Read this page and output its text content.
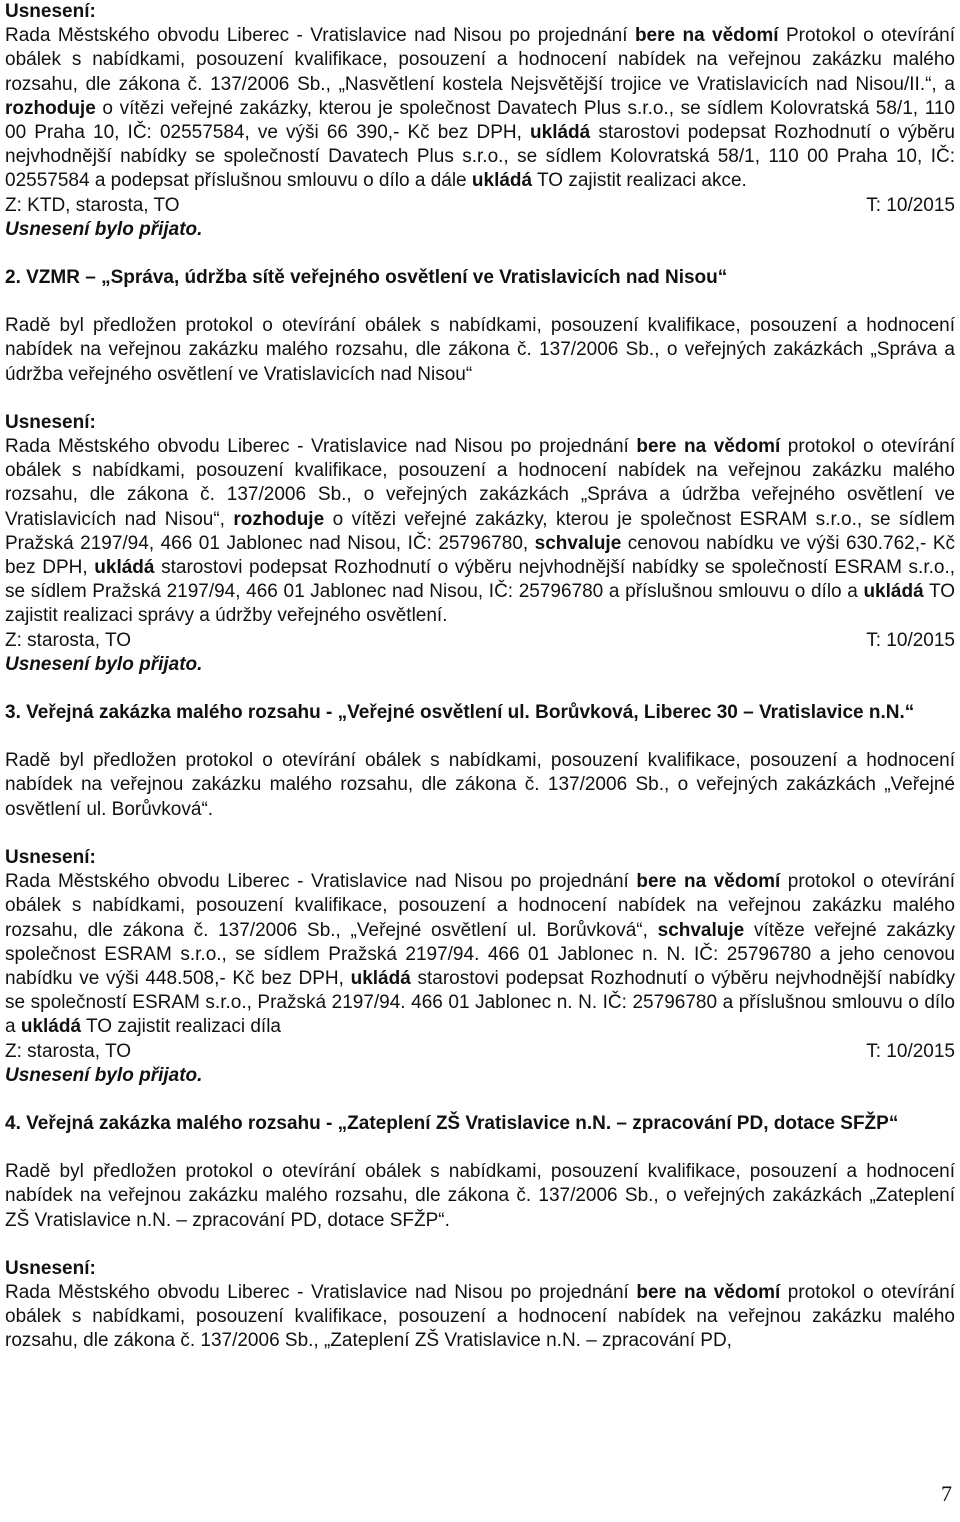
Usnesení:

Rada Městského obvodu Liberec - Vratislavice nad Nisou po projednání bere na vědomí Protokol o otevírání obálek s nabídkami, posouzení kvalifikace, posouzení a hodnocení nabídek na veřejnou zakázku malého rozsahu, dle zákona č. 137/2006 Sb., „Nasvětlení kostela Nejsvětější trojice ve Vratislavicích nad Nisou/II.“, a rozhoduje o vítězi veřejné zakázky, kterou je společnost Davatech Plus s.r.o., se sídlem Kolovratská 58/1, 110 00 Praha 10, IČ: 02557584, ve výši 66 390,- Kč bez DPH, ukládá starostovi podepsat Rozhodnutí o výběru nejvhodnější nabídky se společností Davatech Plus s.r.o., se sídlem Kolovratská 58/1, 110 00 Praha 10, IČ: 02557584 a podepsat příslušnou smlouvu o dílo a dále ukládá TO zajistit realizaci akce.

Z: KTD, starosta, TO	T: 10/2015
Usnesení bylo přijato.
2. VZMR – „Správa, údržba sítě veřejného osvětlení ve Vratislavicích nad Nisou“

Radě byl předložen protokol o otevírání obálek s nabídkami, posouzení kvalifikace, posouzení a hodnocení nabídek na veřejnou zakázku malého rozsahu, dle zákona č. 137/2006 Sb., o veřejných zakázkách „Správa a údržba veřejného osvětlení ve Vratislavicích nad Nisou“

Usnesení:

Rada Městského obvodu Liberec - Vratislavice nad Nisou po projednání bere na vědomí protokol o otevírání obálek s nabídkami, posouzení kvalifikace, posouzení a hodnocení nabídek na veřejnou zakázku malého rozsahu, dle zákona č. 137/2006 Sb., o veřejných zakázkách „Správa a údržba veřejného osvětlení ve Vratislavicích nad Nisou“, rozhoduje o vítězi veřejné zakázky, kterou je společnost ESRAM s.r.o., se sídlem Pražská 2197/94, 466 01 Jablonec nad Nisou, IČ: 25796780, schvaluje cenovou nabídku ve výši 630.762,- Kč bez DPH, ukládá starostovi podepsat Rozhodnutí o výběru nejvhodnější nabídky se společností ESRAM s.r.o., se sídlem Pražská 2197/94, 466 01 Jablonec nad Nisou, IČ: 25796780 a příslušnou smlouvu o dílo a ukládá TO zajistit realizaci správy a údržby veřejného osvětlení.

Z: starosta, TO	T: 10/2015
Usnesení bylo přijato.
3. Veřejná zakázka malého rozsahu - „Veřejné osvětlení ul. Borůvková, Liberec 30 – Vratislavice n.N.“

Radě byl předložen protokol o otevírání obálek s nabídkami, posouzení kvalifikace, posouzení a hodnocení nabídek na veřejnou zakázku malého rozsahu, dle zákona č. 137/2006 Sb., o veřejných zakázkách „Veřejné osvětlení ul. Borůvková“.

Usnesení:

Rada Městského obvodu Liberec - Vratislavice nad Nisou po projednání bere na vědomí protokol o otevírání obálek s nabídkami, posouzení kvalifikace, posouzení a hodnocení nabídek na veřejnou zakázku malého rozsahu, dle zákona č. 137/2006 Sb., „Veřejné osvětlení ul. Borůvková“, schvaluje vítěze veřejné zakázky společnost ESRAM s.r.o., se sídlem Pražská 2197/94. 466 01 Jablonec n. N. IČ: 25796780 a jeho cenovou nabídku ve výši 448.508,- Kč bez DPH, ukládá starostovi podepsat Rozhodnutí o výběru nejvhodnější nabídky se společností ESRAM s.r.o., Pražská 2197/94. 466 01 Jablonec n. N. IČ: 25796780 a příslušnou smlouvu o dílo a ukládá TO zajistit realizaci díla

Z: starosta, TO	T: 10/2015
Usnesení bylo přijato.
4. Veřejná zakázka malého rozsahu - „Zateplení ZŠ Vratislavice n.N. – zpracování PD, dotace SFŽP“

Radě byl předložen protokol o otevírání obálek s nabídkami, posouzení kvalifikace, posouzení a hodnocení nabídek na veřejnou zakázku malého rozsahu, dle zákona č. 137/2006 Sb., o veřejných zakázkách „Zateplení ZŠ Vratislavice n.N. – zpracování PD, dotace SFŽP“.

Usnesení:

Rada Městského obvodu Liberec - Vratislavice nad Nisou po projednání bere na vědomí protokol o otevírání obálek s nabídkami, posouzení kvalifikace, posouzení a hodnocení nabídek na veřejnou zakázku malého rozsahu, dle zákona č. 137/2006 Sb., „Zateplení ZŠ Vratislavice n.N. – zpracování PD,

7
